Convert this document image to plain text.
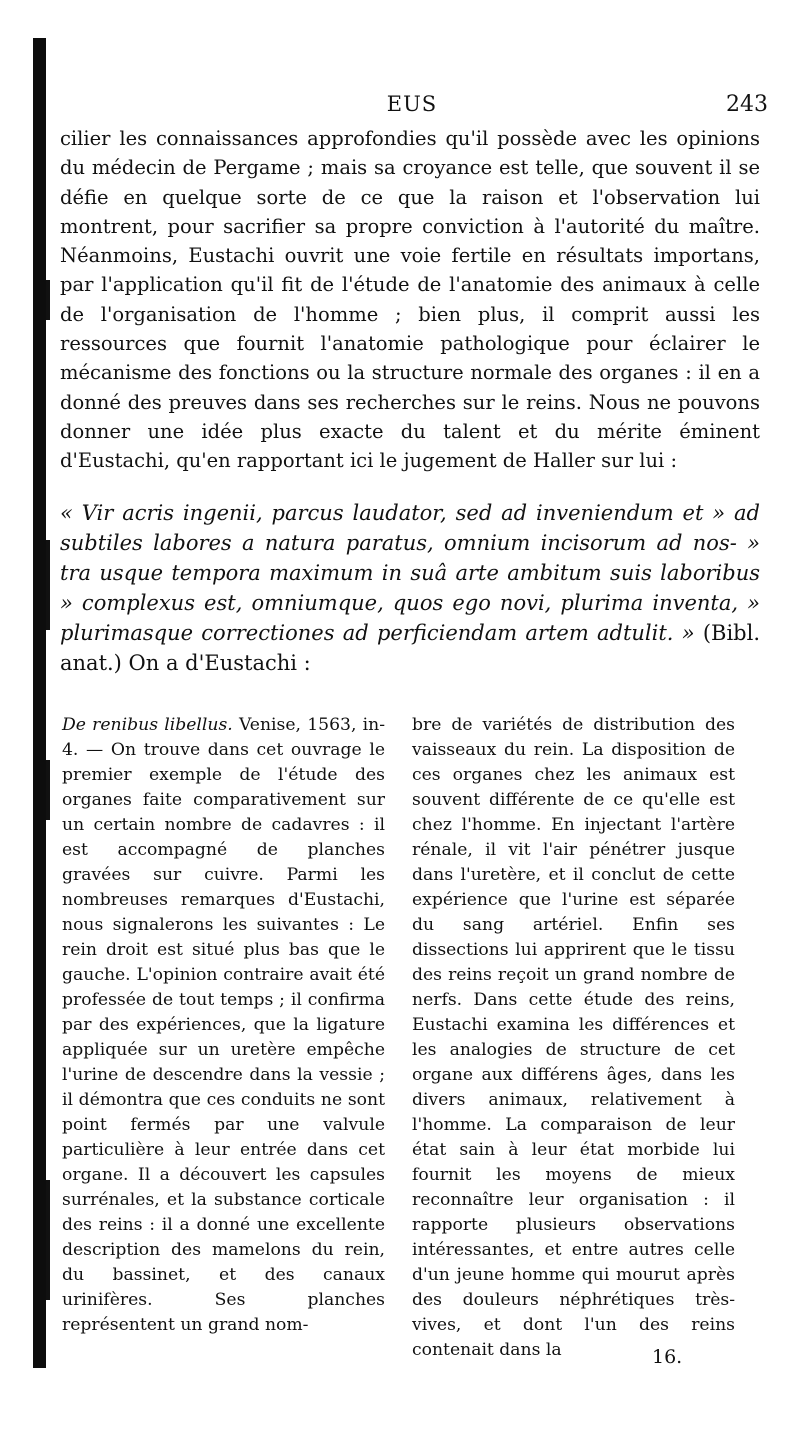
EUS	243

cilier les connaissances approfondies qu'il possède avec les opinions du médecin de Pergame ; mais sa croyance est telle, que souvent il se défie en quelque sorte de ce que la raison et l'observation lui montrent, pour sacrifier sa propre conviction à l'autorité du maître. Néanmoins, Eustachi ouvrit une voie fertile en résultats importans, par l'application qu'il fit de l'étude de l'anatomie des animaux à celle de l'organisation de l'homme ; bien plus, il comprit aussi les ressources que fournit l'anatomie pathologique pour éclairer le mécanisme des fonctions ou la structure normale des organes : il en a donné des preuves dans ses recherches sur le reins. Nous ne pouvons donner une idée plus exacte du talent et du mérite éminent d'Eustachi, qu'en rapportant ici le jugement de Haller sur lui :

« Vir acris ingenii, parcus laudator, sed ad inveniendum et » ad subtiles labores a natura paratus, omnium incisorum ad nos- » tra usque tempora maximum in suâ arte ambitum suis laboribus » complexus est, omniumque, quos ego novi, plurima inventa, » plurimasque correctiones ad perficiendam artem adtulit. » (Bibl. anat.) On a d'Eustachi :

De renibus libellus. Venise, 1563, in-4. — On trouve dans cet ouvrage le premier exemple de l'étude des organes faite comparativement sur un certain nombre de cadavres : il est accompagné de planches gravées sur cuivre. Parmi les nombreuses remarques d'Eustachi, nous signalerons les suivantes : Le rein droit est situé plus bas que le gauche. L'opinion contraire avait été professée de tout temps ; il confirma par des expériences, que la ligature appliquée sur un uretère empêche l'urine de descendre dans la vessie ; il démontra que ces conduits ne sont point fermés par une valvule particulière à leur entrée dans cet organe. Il a découvert les capsules surrénales, et la substance corticale des reins : il a donné une excellente description des mamelons du rein, du bassinet, et des canaux urinifères. Ses planches représentent un grand nom-

bre de variétés de distribution des vaisseaux du rein. La disposition de ces organes chez les animaux est souvent différente de ce qu'elle est chez l'homme. En injectant l'artère rénale, il vit l'air pénétrer jusque dans l'uretère, et il conclut de cette expérience que l'urine est séparée du sang artériel. Enfin ses dissections lui apprirent que le tissu des reins reçoit un grand nombre de nerfs. Dans cette étude des reins, Eustachi examina les différences et les analogies de structure de cet organe aux différens âges, dans les divers animaux, relativement à l'homme. La comparaison de leur état sain à leur état morbide lui fournit les moyens de mieux reconnaître leur organisation : il rapporte plusieurs observations intéressantes, et entre autres celle d'un jeune homme qui mourut après des douleurs néphrétiques très-vives, et dont l'un des reins contenait dans la	16.
